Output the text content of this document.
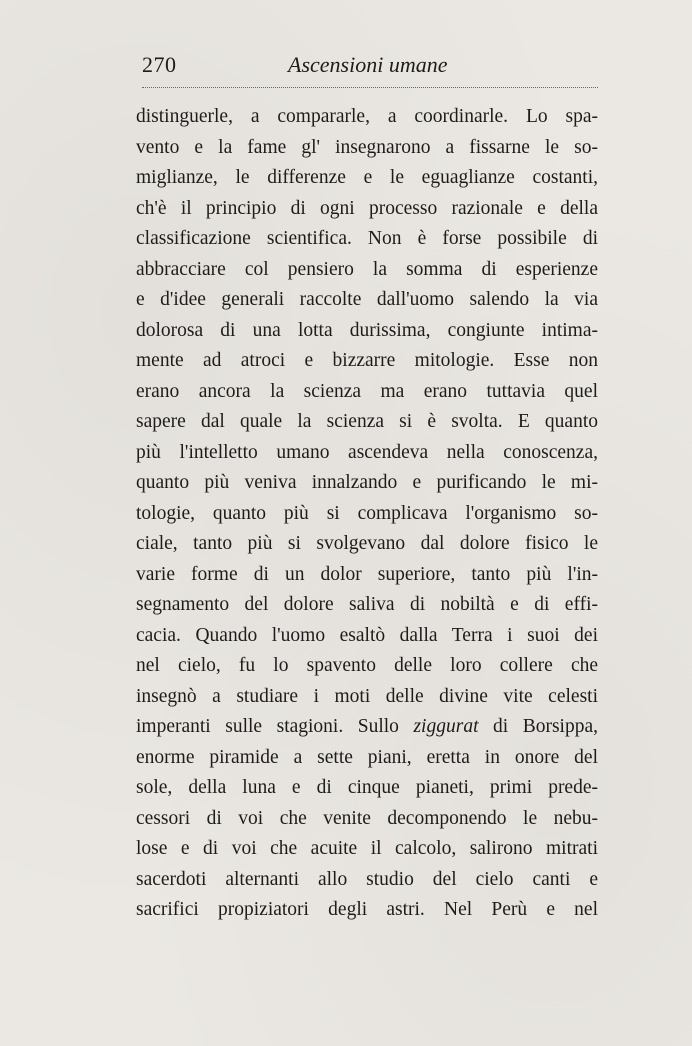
270	Ascensioni umane
distinguerle, a compararle, a coordinarle. Lo spa-
vento e la fame gl' insegnarono a fissarne le so-
miglianze, le differenze e le eguaglianze costanti,
ch'è il principio di ogni processo razionale e della
classificazione scientifica. Non è forse possibile di
abbracciare col pensiero la somma di esperienze
e d'idee generali raccolte dall'uomo salendo la via
dolorosa di una lotta durissima, congiunte intima-
mente ad atroci e bizzarre mitologie. Esse non
erano ancora la scienza ma erano tuttavia quel
sapere dal quale la scienza si è svolta. E quanto
più l'intelletto umano ascendeva nella conoscenza,
quanto più veniva innalzando e purificando le mi-
tologie, quanto più si complicava l'organismo so-
ciale, tanto più si svolgevano dal dolore fisico le
varie forme di un dolor superiore, tanto più l'in-
segnamento del dolore saliva di nobiltà e di effi-
cacia. Quando l'uomo esaltò dalla Terra i suoi dei
nel cielo, fu lo spavento delle loro collere che
insegnò a studiare i moti delle divine vite celesti
imperanti sulle stagioni. Sullo ziggurat di Borsippa,
enorme piramide a sette piani, eretta in onore del
sole, della luna e di cinque pianeti, primi prede-
cessori di voi che venite decomponendo le nebu-
lose e di voi che acuite il calcolo, salirono mitrati
sacerdoti alternanti allo studio del cielo canti e
sacrifici propiziatori degli astri. Nel Perù e nel
